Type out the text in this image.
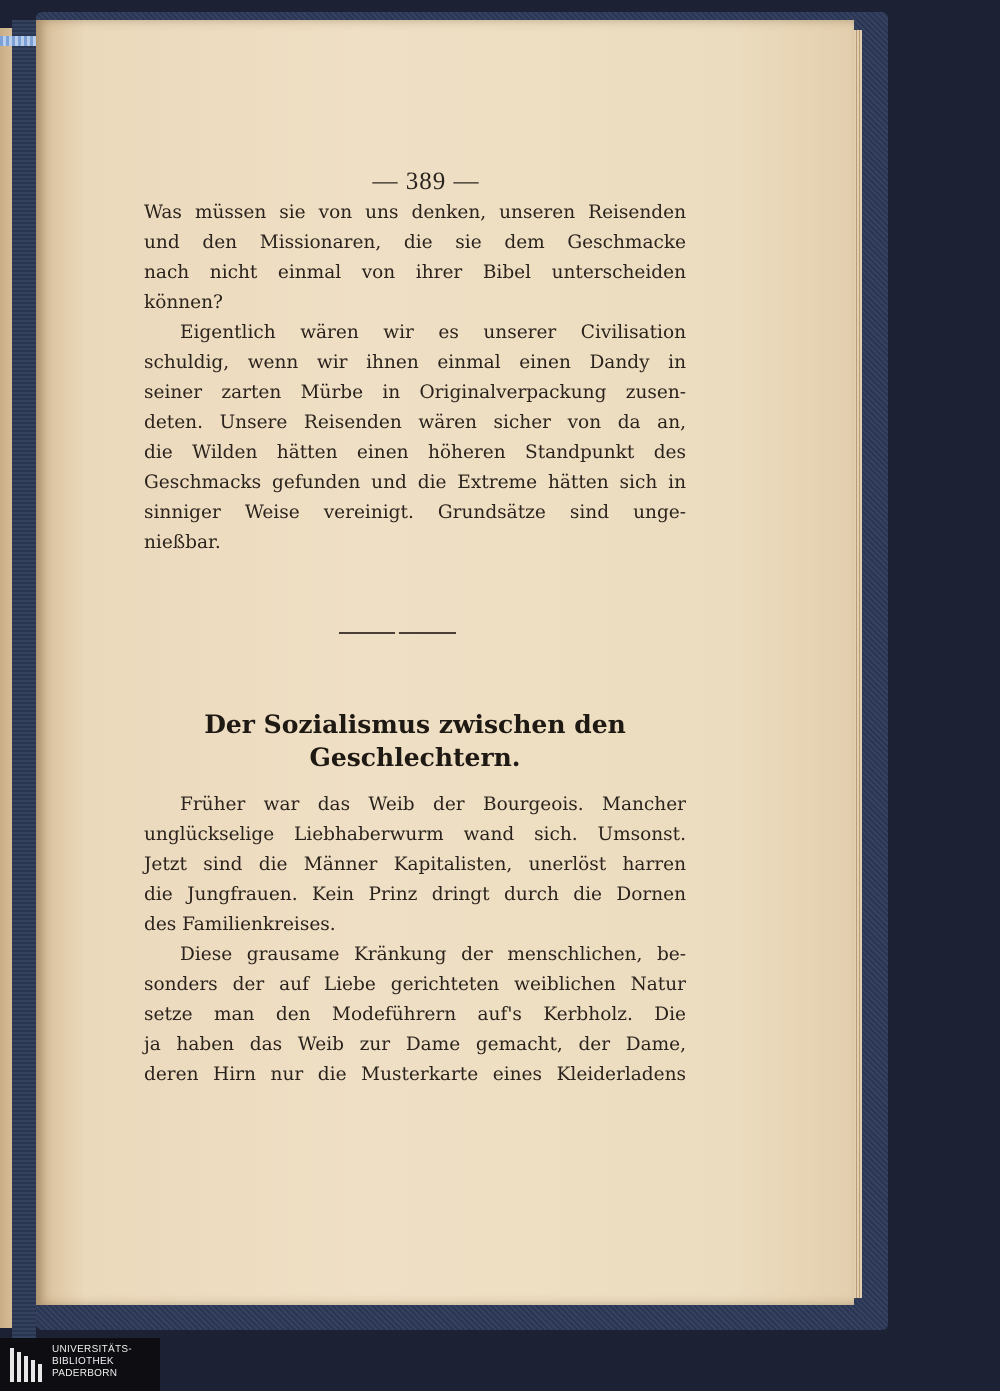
— 389 —
Was müssen sie von uns denken, unseren Reisenden
und den Missionaren, die sie dem Geschmacke
nach nicht einmal von ihrer Bibel unterscheiden
können?
Eigentlich wären wir es unserer Civilisation
schuldig, wenn wir ihnen einmal einen Dandy in
seiner zarten Mürbe in Originalverpackung zusen-
deten. Unsere Reisenden wären sicher von da an,
die Wilden hätten einen höheren Standpunkt des
Geschmacks gefunden und die Extreme hätten sich in
sinniger Weise vereinigt. Grundsätze sind unge-
nießbar.
Der Sozialismus zwischen den
Geschlechtern.
Früher war das Weib der Bourgeois. Mancher
unglückselige Liebhaberwurm wand sich. Umsonst.
Jetzt sind die Männer Kapitalisten, unerlöst harren
die Jungfrauen. Kein Prinz dringt durch die Dornen
des Familienkreises.
Diese grausame Kränkung der menschlichen, be-
sonders der auf Liebe gerichteten weiblichen Natur
setze man den Modeführern auf's Kerbholz. Die
ja haben das Weib zur Dame gemacht, der Dame,
deren Hirn nur die Musterkarte eines Kleiderladens
UNIVERSITÄTS-
BIBLIOTHEK
PADERBORN
